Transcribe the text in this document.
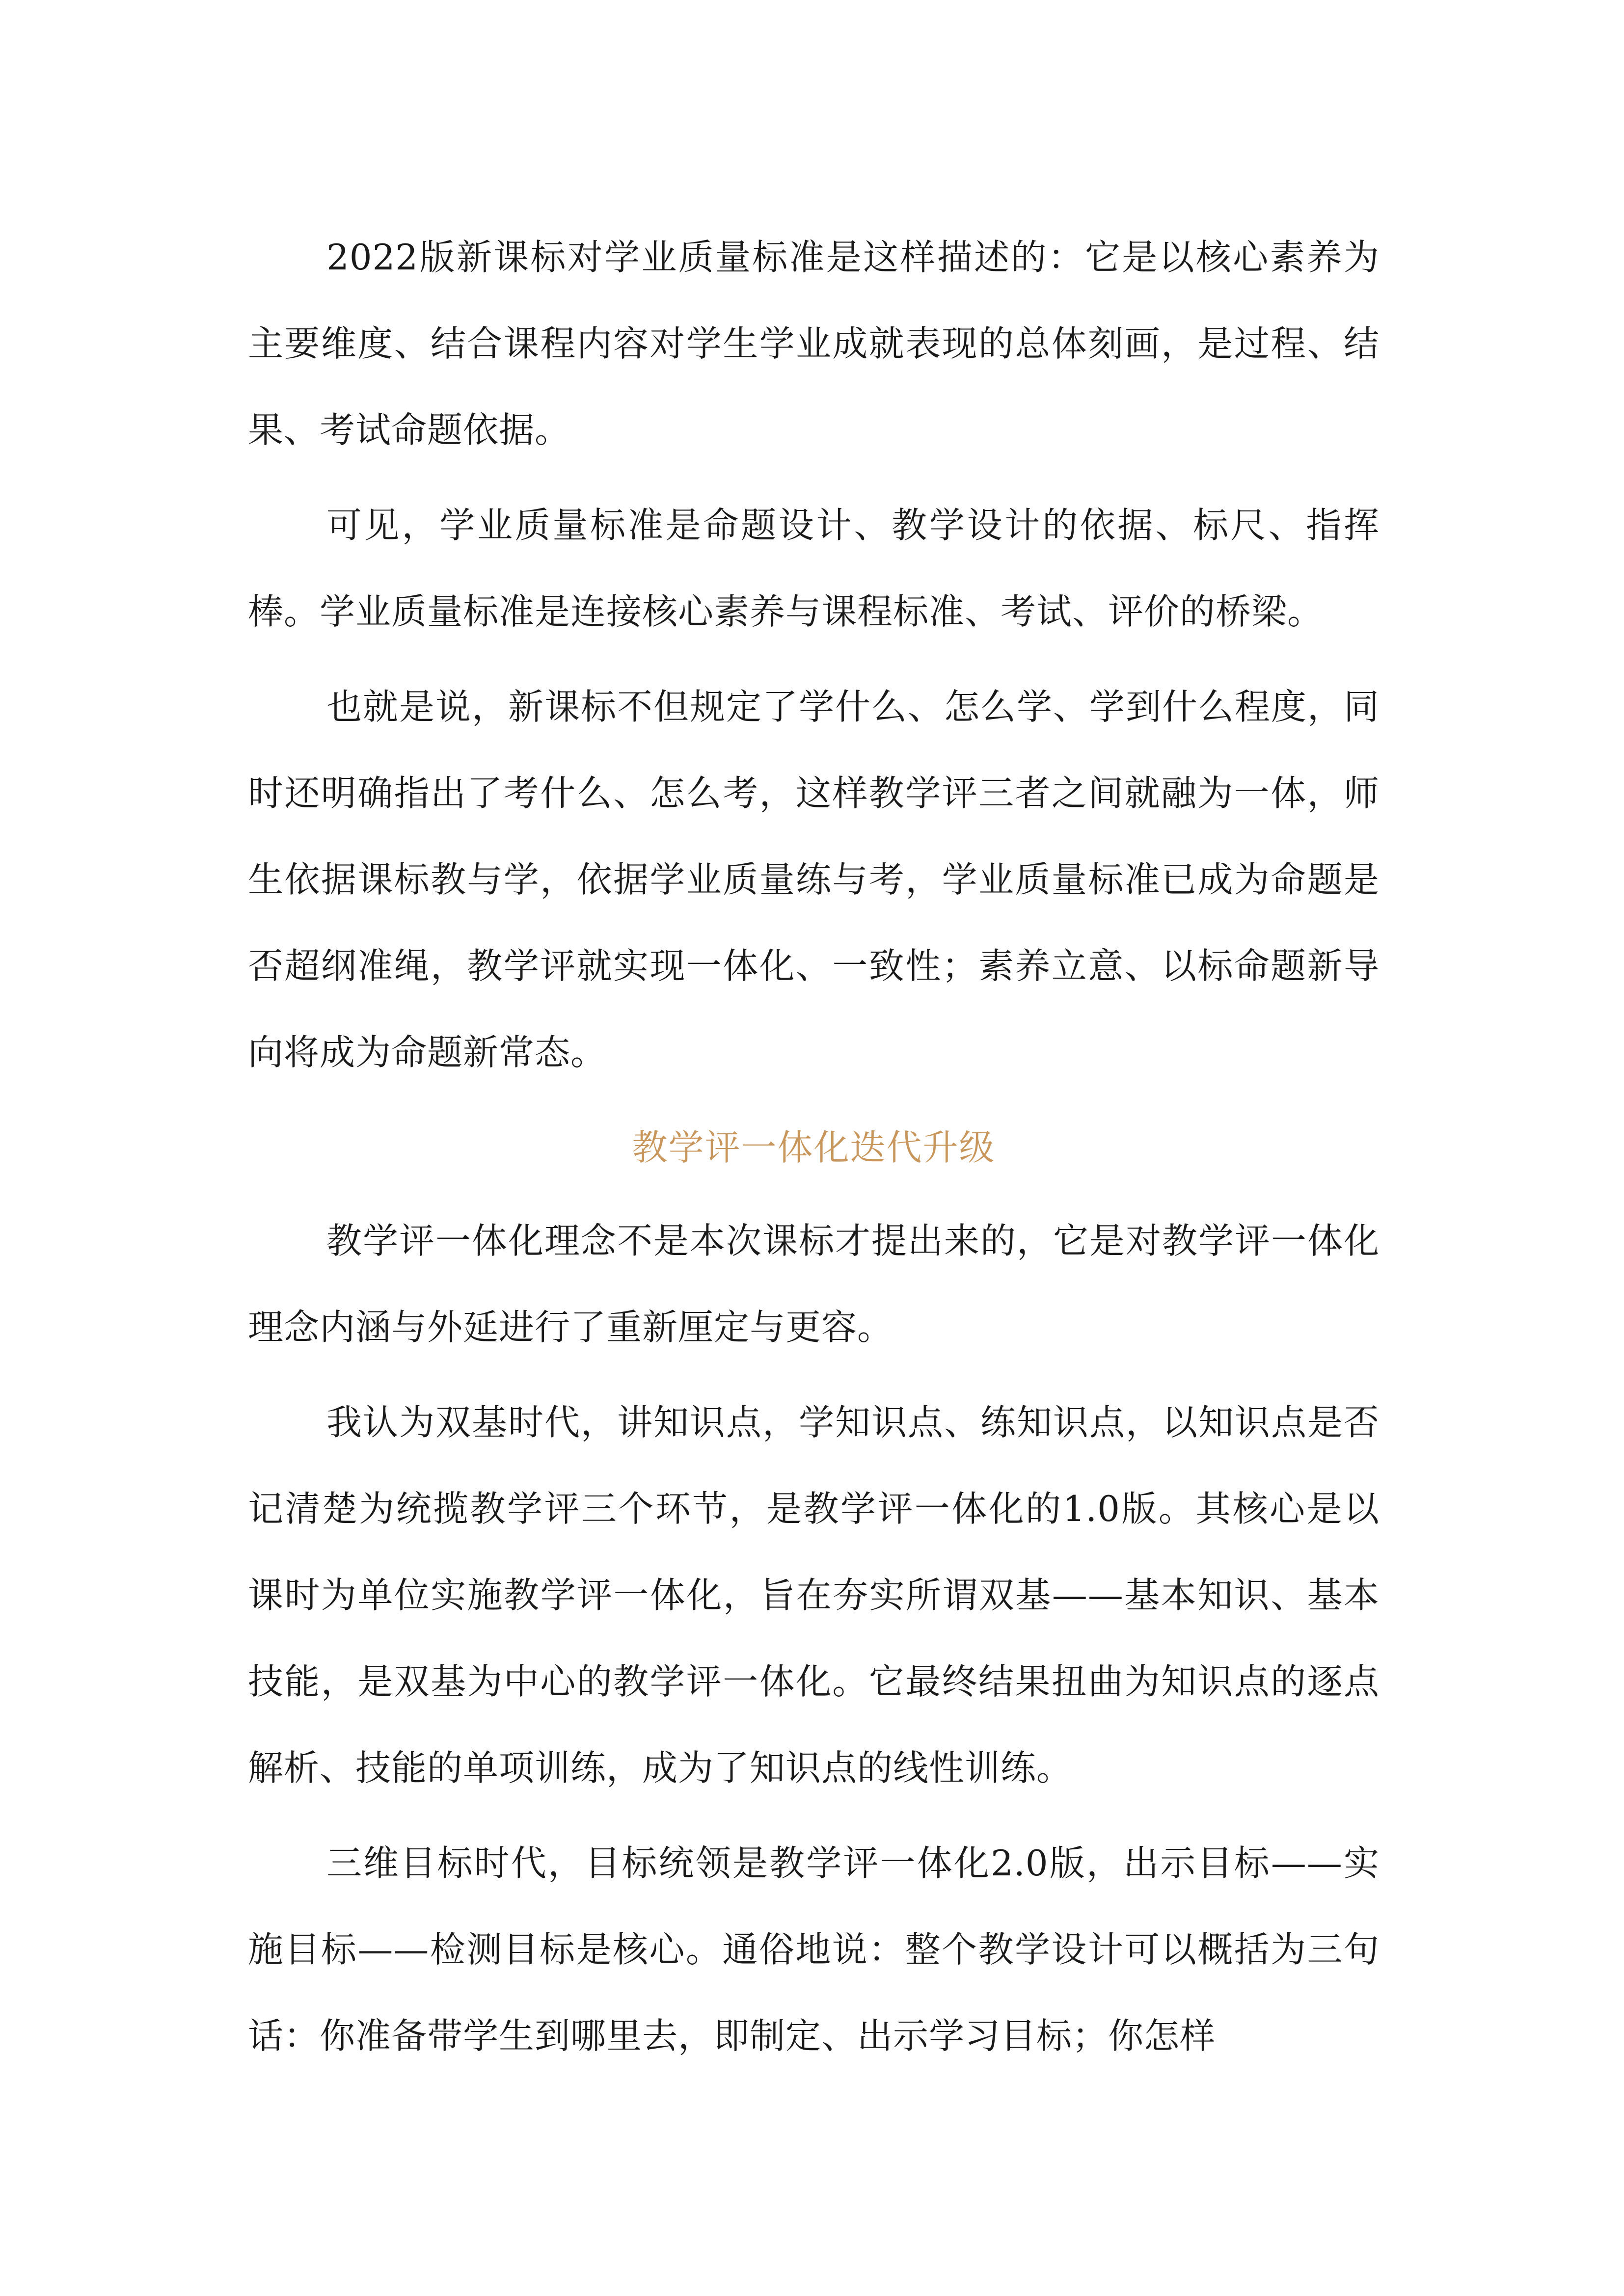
2022版新课标对学业质量标准是这样描述的：它是以核心素养为主要维度、结合课程内容对学生学业成就表现的总体刻画，是过程、结果、考试命题依据。

可见，学业质量标准是命题设计、教学设计的依据、标尺、指挥棒。学业质量标准是连接核心素养与课程标准、考试、评价的桥梁。

也就是说，新课标不但规定了学什么、怎么学、学到什么程度，同时还明确指出了考什么、怎么考，这样教学评三者之间就融为一体，师生依据课标教与学，依据学业质量练与考，学业质量标准已成为命题是否超纲准绳，教学评就实现一体化、一致性；素养立意、以标命题新导向将成为命题新常态。

教学评一体化迭代升级

教学评一体化理念不是本次课标才提出来的，它是对教学评一体化理念内涵与外延进行了重新厘定与更容。

我认为双基时代，讲知识点，学知识点、练知识点，以知识点是否记清楚为统揽教学评三个环节，是教学评一体化的1.0版。其核心是以课时为单位实施教学评一体化，旨在夯实所谓双基——基本知识、基本技能，是双基为中心的教学评一体化。它最终结果扭曲为知识点的逐点解析、技能的单项训练，成为了知识点的线性训练。

三维目标时代，目标统领是教学评一体化2.0版，出示目标——实施目标——检测目标是核心。通俗地说：整个教学设计可以概括为三句话：你准备带学生到哪里去，即制定、出示学习目标；你怎样
